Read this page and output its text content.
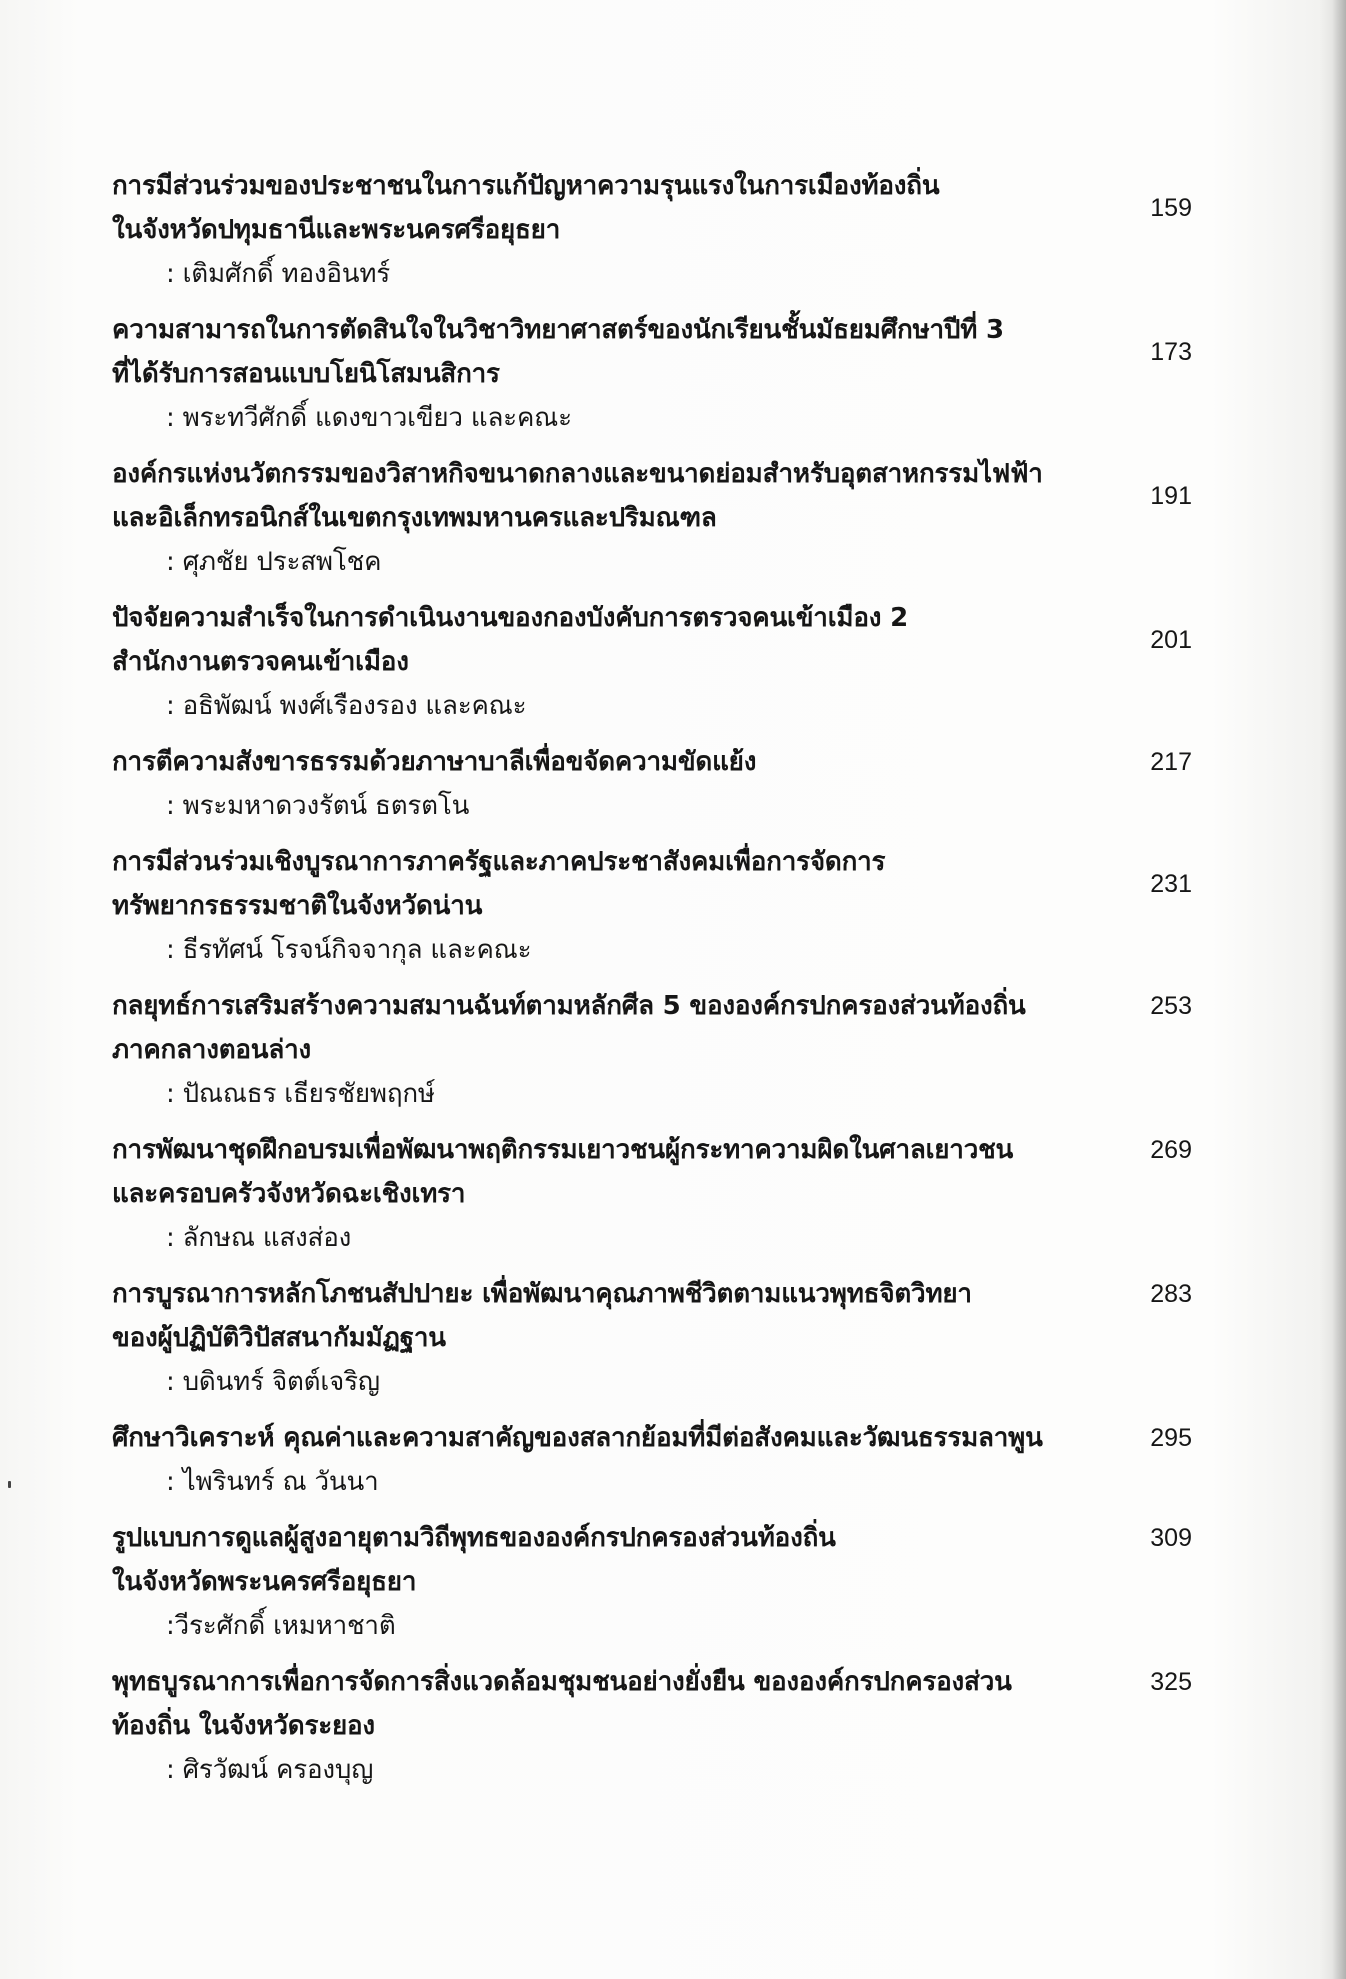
การมีส่วนร่วมของประชาชนในการแก้ปัญหาความรุนแรงในการเมืองท้องถิ่น
ในจังหวัดปทุมธานีและพระนครศรีอยุธยา
: เติมศักดิ์ ทองอินทร์
159
ความสามารถในการตัดสินใจในวิชาวิทยาศาสตร์ของนักเรียนชั้นมัธยมศึกษาปีที่ 3
ที่ได้รับการสอนแบบโยนิโสมนสิการ
: พระทวีศักดิ์ แดงขาวเขียว และคณะ
173
องค์กรแห่งนวัตกรรมของวิสาหกิจขนาดกลางและขนาดย่อมสำหรับอุตสาหกรรมไฟฟ้า
และอิเล็กทรอนิกส์ในเขตกรุงเทพมหานครและปริมณฑล
: ศุภชัย ประสพโชค
191
ปัจจัยความสำเร็จในการดำเนินงานของกองบังคับการตรวจคนเข้าเมือง 2
สำนักงานตรวจคนเข้าเมือง
: อธิพัฒน์ พงศ์เรืองรอง และคณะ
201
การตีความสังขารธรรมด้วยภาษาบาลีเพื่อขจัดความขัดแย้ง
: พระมหาดวงรัตน์ ธตรตโน
217
การมีส่วนร่วมเชิงบูรณาการภาครัฐและภาคประชาสังคมเพื่อการจัดการ
ทรัพยากรธรรมชาติในจังหวัดน่าน
: ธีรทัศน์ โรจน์กิจจากุล และคณะ
231
กลยุทธ์การเสริมสร้างความสมานฉันท์ตามหลักศีล 5 ขององค์กรปกครองส่วนท้องถิ่น
ภาคกลางตอนล่าง
: ปัณณธร เธียรชัยพฤกษ์
253
การพัฒนาชุดฝึกอบรมเพื่อพัฒนาพฤติกรรมเยาวชนผู้กระทาความผิดในศาลเยาวชน
และครอบครัวจังหวัดฉะเชิงเทรา
: ลักษณ แสงส่อง
269
การบูรณาการหลักโภชนสัปปายะ เพื่อพัฒนาคุณภาพชีวิตตามแนวพุทธจิตวิทยา
ของผู้ปฏิบัติวิปัสสนากัมมัฏฐาน
: บดินทร์ จิตต์เจริญ
283
ศึกษาวิเคราะห์ คุณค่าและความสาคัญของสลากย้อมที่มีต่อสังคมและวัฒนธรรมลาพูน
: ไพรินทร์ ณ วันนา
295
รูปแบบการดูแลผู้สูงอายุตามวิถีพุทธขององค์กรปกครองส่วนท้องถิ่น
ในจังหวัดพระนครศรีอยุธยา
:วีระศักดิ์ เหมหาชาติ
309
พุทธบูรณาการเพื่อการจัดการสิ่งแวดล้อมชุมชนอย่างยั่งยืน ขององค์กรปกครองส่วน
ท้องถิ่น ในจังหวัดระยอง
: ศิรวัฒน์ ครองบุญ
325
